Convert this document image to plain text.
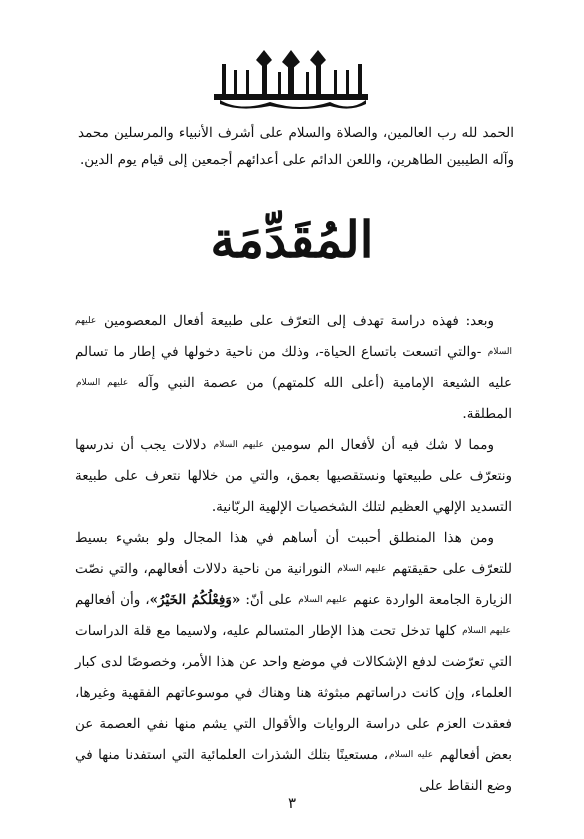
الحمد لله رب العالمين، والصلاة والسلام على أشرف الأنبياء والمرسلين محمد وآله الطيبين الطاهرين، واللعن الدائم على أعدائهم أجمعين إلى قيام يوم الدين.
المُقَدِّمَة

وبعد: فهذه دراسة تهدف إلى التعرّف على طبيعة أفعال المعصومين عليهم السلام -والتي اتسعت باتساع الحياة-، وذلك من ناحية دخولها في إطار ما تسالم عليه الشيعة الإمامية (أعلى الله كلمتهم) من عصمة النبي وآله عليهم السلام المطلقة.

ومما لا شك فيه أن لأفعال الم سومين عليهم السلام دلالات يجب أن ندرسها ونتعرّف على طبيعتها ونستقصيها بعمق، والتي من خلالها نتعرف على طبيعة التسديد الإلهي العظيم لتلك الشخصيات الإلهية الربّانية.

ومن هذا المنطلق أحببت أن أساهم في هذا المجال ولو بشيء بسيط للتعرّف على حقيقتهم عليهم السلام النورانية من ناحية دلالات أفعالهم، والتي نصّت الزيارة الجامعة الواردة عنهم عليهم السلام على أنّ: «وَفِعْلُكُمُ الخَيْرُ»، وأن أفعالهم عليهم السلام كلها تدخل تحت هذا الإطار المتسالم عليه، ولاسيما مع قلة الدراسات التي تعرّضت لدفع الإشكالات في موضع واحد عن هذا الأمر، وخصوصًا لدى كبار العلماء، وإن كانت دراساتهم مبثوثة هنا وهناك في موسوعاتهم الفقهية وغيرها، فعقدت العزم على دراسة الروايات والأقوال التي يشم منها نفي العصمة عن بعض أفعالهم عليه السلام، مستعينًا بتلك الشذرات العلمائية التي استفدنا منها في وضع النقاط على

٣
